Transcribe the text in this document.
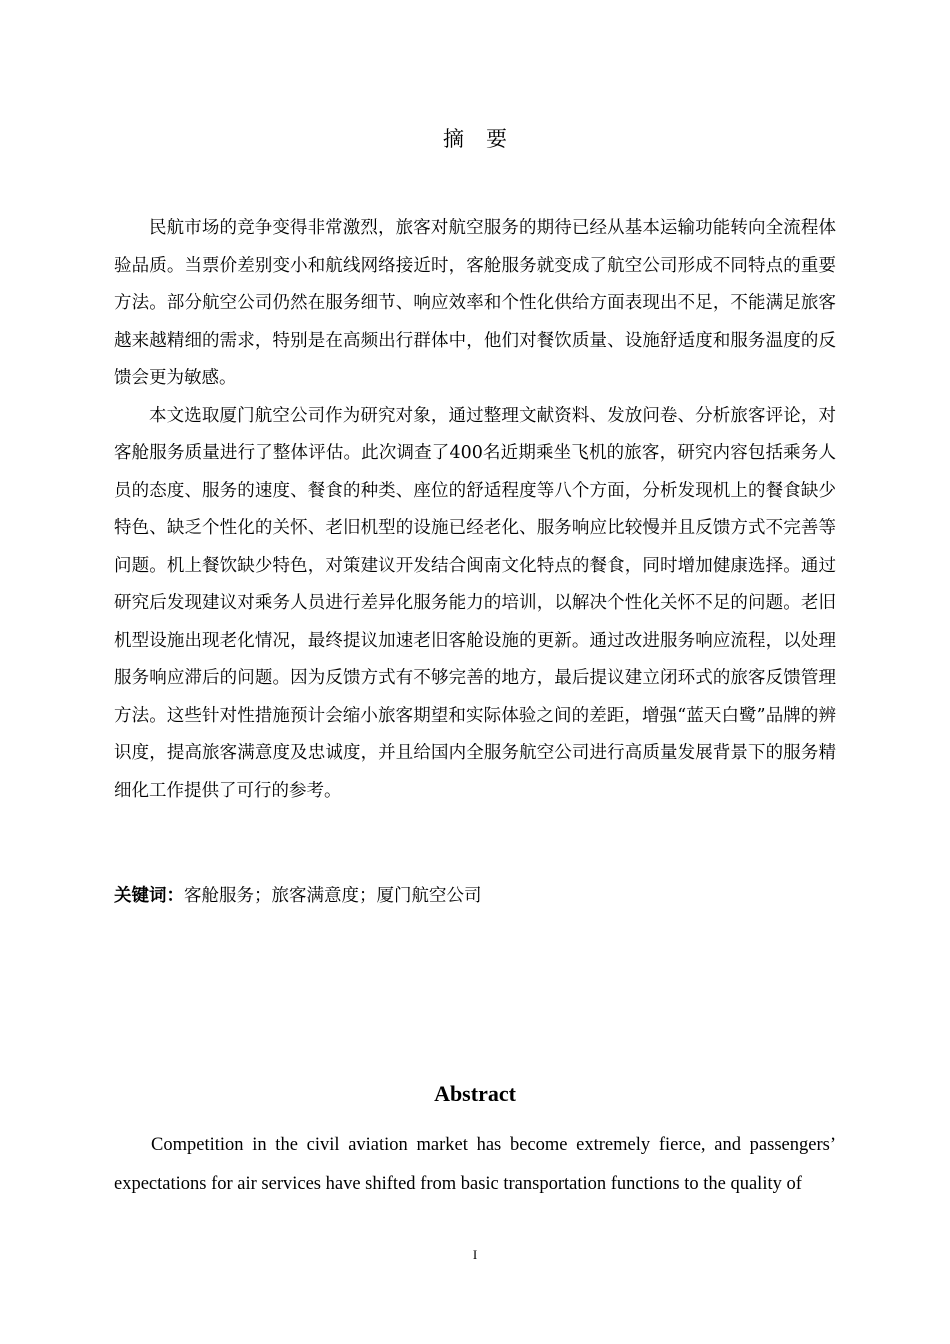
摘要

民航市场的竞争变得非常激烈，旅客对航空服务的期待已经从基本运输功能转向全流程体验品质。当票价差别变小和航线网络接近时，客舱服务就变成了航空公司形成不同特点的重要方法。部分航空公司仍然在服务细节、响应效率和个性化供给方面表现出不足，不能满足旅客越来越精细的需求，特别是在高频出行群体中，他们对餐饮质量、设施舒适度和服务温度的反馈会更为敏感。

本文选取厦门航空公司作为研究对象，通过整理文献资料、发放问卷、分析旅客评论，对客舱服务质量进行了整体评估。此次调查了400名近期乘坐飞机的旅客，研究内容包括乘务人员的态度、服务的速度、餐食的种类、座位的舒适程度等八个方面，分析发现机上的餐食缺少特色、缺乏个性化的关怀、老旧机型的设施已经老化、服务响应比较慢并且反馈方式不完善等问题。机上餐饮缺少特色，对策建议开发结合闽南文化特点的餐食，同时增加健康选择。通过研究后发现建议对乘务人员进行差异化服务能力的培训，以解决个性化关怀不足的问题。老旧机型设施出现老化情况，最终提议加速老旧客舱设施的更新。通过改进服务响应流程，以处理服务响应滞后的问题。因为反馈方式有不够完善的地方，最后提议建立闭环式的旅客反馈管理方法。这些针对性措施预计会缩小旅客期望和实际体验之间的差距，增强“蓝天白鹭”品牌的辨识度，提高旅客满意度及忠诚度，并且给国内全服务航空公司进行高质量发展背景下的服务精细化工作提供了可行的参考。

关键词：客舱服务；旅客满意度；厦门航空公司
Abstract

Competition in the civil aviation market has become extremely fierce, and passengers’ expectations for air services have shifted from basic transportation functions to the quality of

I
